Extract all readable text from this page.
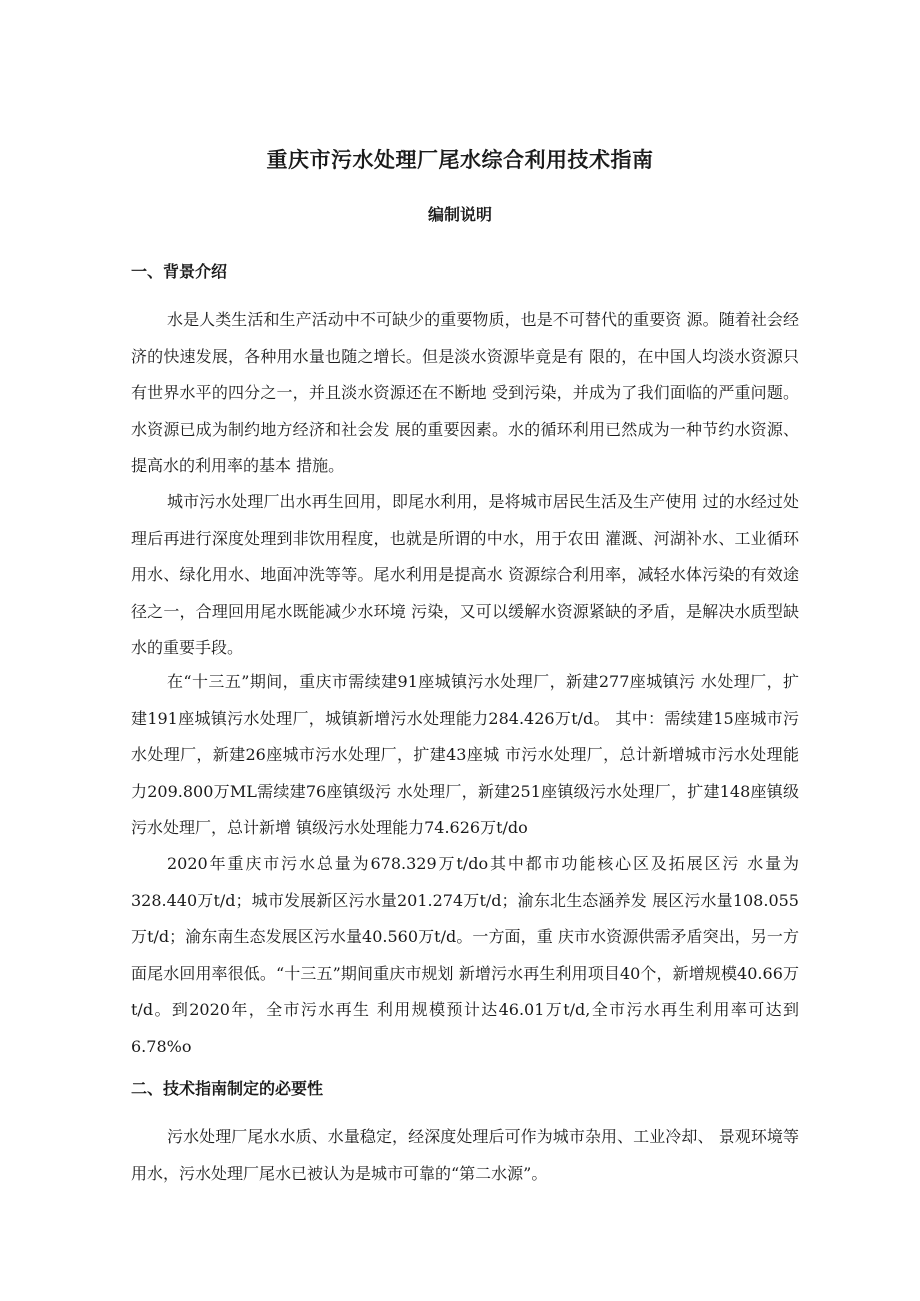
重庆市污水处理厂尾水综合利用技术指南
编制说明
一、背景介绍

水是人类生活和生产活动中不可缺少的重要物质，也是不可替代的重要资 源。随着社会经济的快速发展，各种用水量也随之增长。但是淡水资源毕竟是有 限的，在中国人均淡水资源只有世界水平的四分之一，并且淡水资源还在不断地 受到污染，并成为了我们面临的严重问题。水资源已成为制约地方经济和社会发 展的重要因素。水的循环利用已然成为一种节约水资源、提高水的利用率的基本 措施。

城市污水处理厂出水再生回用，即尾水利用，是将城市居民生活及生产使用 过的水经过处理后再进行深度处理到非饮用程度，也就是所谓的中水，用于农田 灌溉、河湖补水、工业循环用水、绿化用水、地面冲洗等等。尾水利用是提高水 资源综合利用率，减轻水体污染的有效途径之一，合理回用尾水既能减少水环境 污染，又可以缓解水资源紧缺的矛盾，是解决水质型缺水的重要手段。

在“十三五”期间，重庆市需续建91座城镇污水处理厂，新建277座城镇污 水处理厂，扩建191座城镇污水处理厂，城镇新增污水处理能力284.426万t/d。 其中：需续建15座城市污水处理厂，新建26座城市污水处理厂，扩建43座城 市污水处理厂，总计新增城市污水处理能力209.800万ML需续建76座镇级污 水处理厂，新建251座镇级污水处理厂，扩建148座镇级污水处理厂，总计新增 镇级污水处理能力74.626万t/do

2020年重庆市污水总量为678.329万t∕do其中都市功能核心区及拓展区污 水量为328.440万t/d；城市发展新区污水量201.274万t/d；渝东北生态涵养发 展区污水量108.055万t/d；渝东南生态发展区污水量40.560万t/d。一方面，重 庆市水资源供需矛盾突出，另一方面尾水回用率很低。“十三五”期间重庆市规划 新增污水再生利用项目40个，新增规模40.66万t/d。到2020年，全市污水再生 利用规模预计达46.01万t/d,全市污水再生利用率可达到6.78%o

二、技术指南制定的必要性

污水处理厂尾水水质、水量稳定，经深度处理后可作为城市杂用、工业冷却、 景观环境等用水，污水处理厂尾水已被认为是城市可靠的“第二水源”。
